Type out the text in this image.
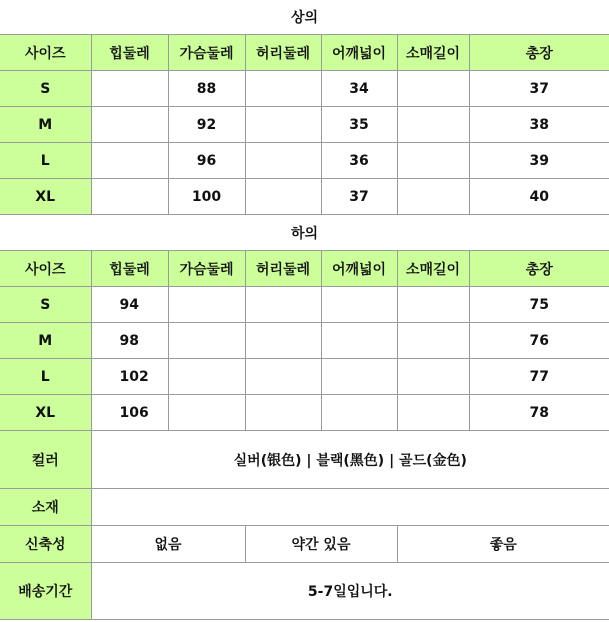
상의						
사이즈	힙둘레	가슴둘레	허리둘레	어깨넓이	소매길이	총장
S		88		34		37
M		92		35		38
L		96		36		39
XL		100		37		40
하의						
사이즈	힙둘레	가슴둘레	허리둘레	어깨넓이	소매길이	총장
S	94					75
M	98					76
L	102					77
XL	106					78
컬러	실버(银色) | 블랙(黑色) | 골드(金色)					
소재						
신축성	없음		약간 있음		좋음	
배송기간	5-7일입니다.					
